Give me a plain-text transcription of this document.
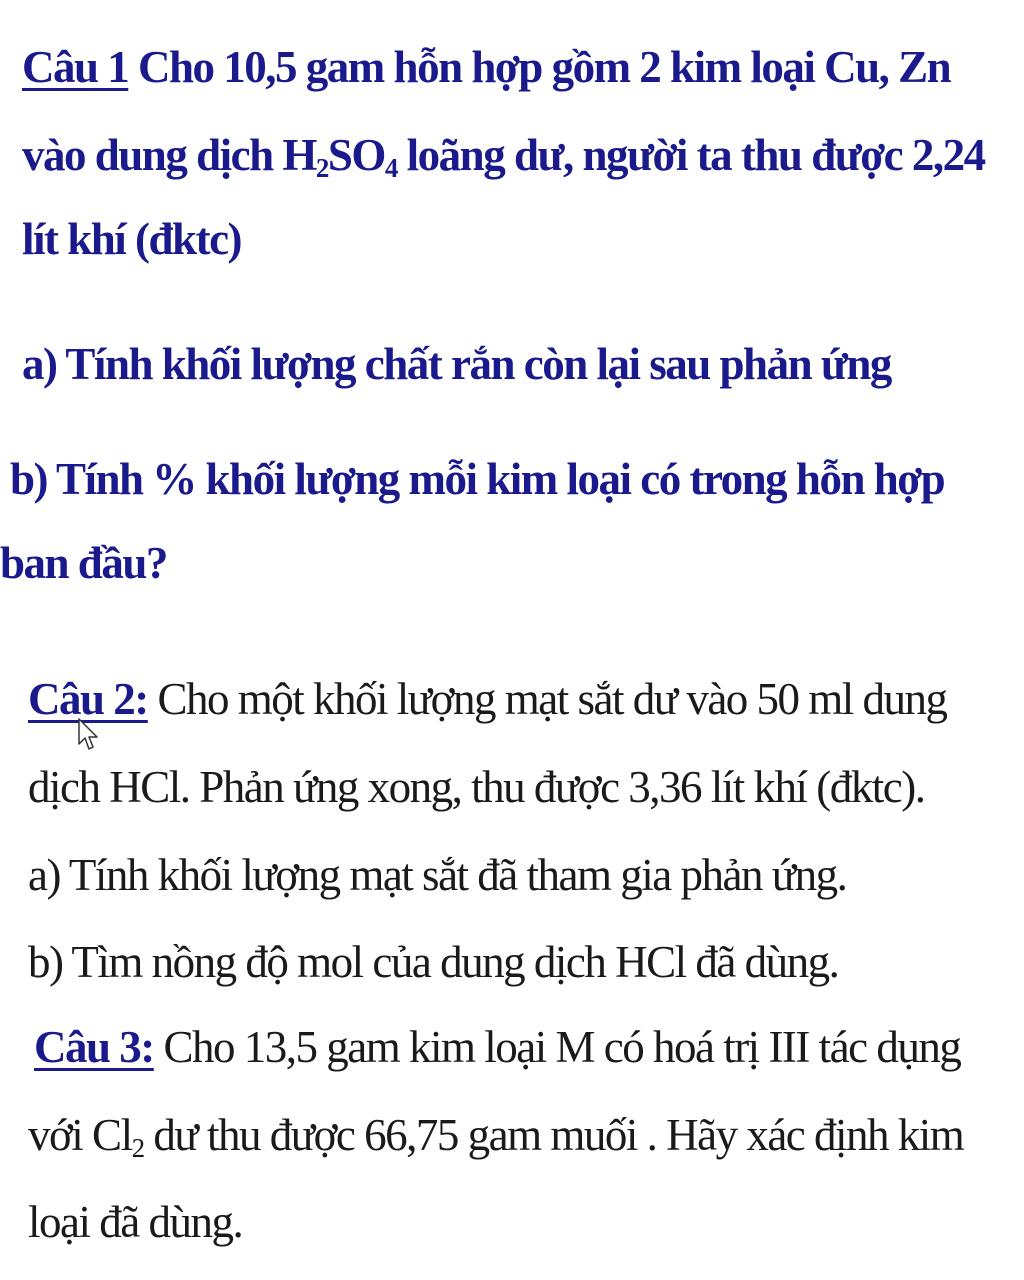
Câu 1 Cho 10,5 gam hỗn hợp gồm 2 kim loại Cu, Zn
vào dung dịch $H_2SO_4$ loãng dư, người ta thu được 2,24
lít khí (đktc)
a) Tính khối lượng chất rắn còn lại sau phản ứng
b) Tính % khối lượng mỗi kim loại có trong hỗn hợp
ban đầu?
Câu 2: Cho một khối lượng mạt sắt dư vào 50 ml dung
dịch HCl. Phản ứng xong, thu được 3,36 lít khí (đktc).
a) Tính khối lượng mạt sắt đã tham gia phản ứng.
b) Tìm nồng độ mol của dung dịch HCl đã dùng.
Câu 3: Cho 13,5 gam kim loại M có hoá trị III tác dụng
với $Cl_2$ dư thu được 66,75 gam muối . Hãy xác định kim
loại đã dùng.
